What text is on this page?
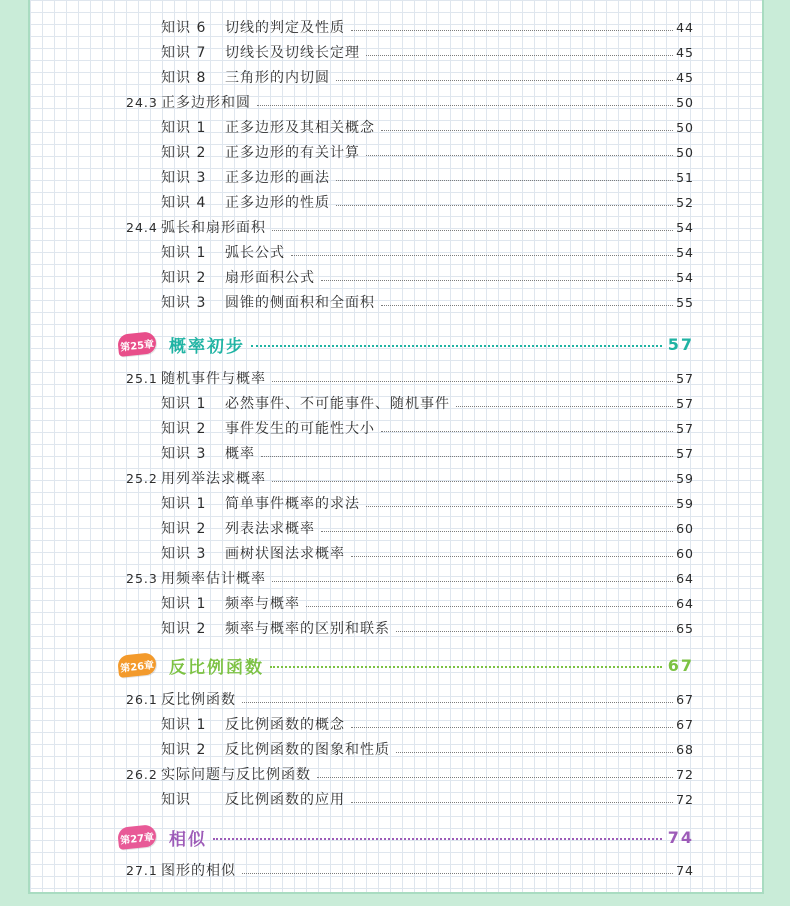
知识 6 切线的判定及性质	44
知识 7 切线长及切线长定理	45
知识 8 三角形的内切圆	45
24.3 正多边形和圆	50
知识 1 正多边形及其相关概念	50
知识 2 正多边形的有关计算	50
知识 3 正多边形的画法	51
知识 4 正多边形的性质	52
24.4 弧长和扇形面积	54
知识 1 弧长公式	54
知识 2 扇形面积公式	54
知识 3 圆锥的侧面积和全面积	55
第25章 概率初步	57
25.1 随机事件与概率	57
知识 1 必然事件、不可能事件、随机事件	57
知识 2 事件发生的可能性大小	57
知识 3 概率	57
25.2 用列举法求概率	59
知识 1 简单事件概率的求法	59
知识 2 列表法求概率	60
知识 3 画树状图法求概率	60
25.3 用频率估计概率	64
知识 1 频率与概率	64
知识 2 频率与概率的区别和联系	65
第26章 反比例函数	67
26.1 反比例函数	67
知识 1 反比例函数的概念	67
知识 2 反比例函数的图象和性质	68
26.2 实际问题与反比例函数	72
知识 反比例函数的应用	72
第27章 相似	74
27.1 图形的相似	74
